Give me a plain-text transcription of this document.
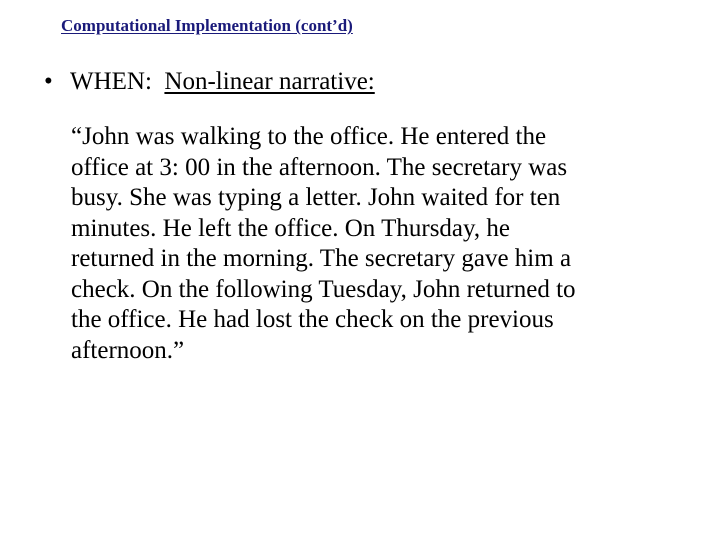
Computational Implementation (cont’d)
• WHEN:  Non-linear narrative:
“John was walking to the office. He entered the
office at 3: 00 in the afternoon. The secretary was
busy. She was typing a letter. John waited for ten
minutes. He left the office. On Thursday, he
returned in the morning. The secretary gave him a
check. On the following Tuesday, John returned to
the office. He had lost the check on the previous
afternoon.”
